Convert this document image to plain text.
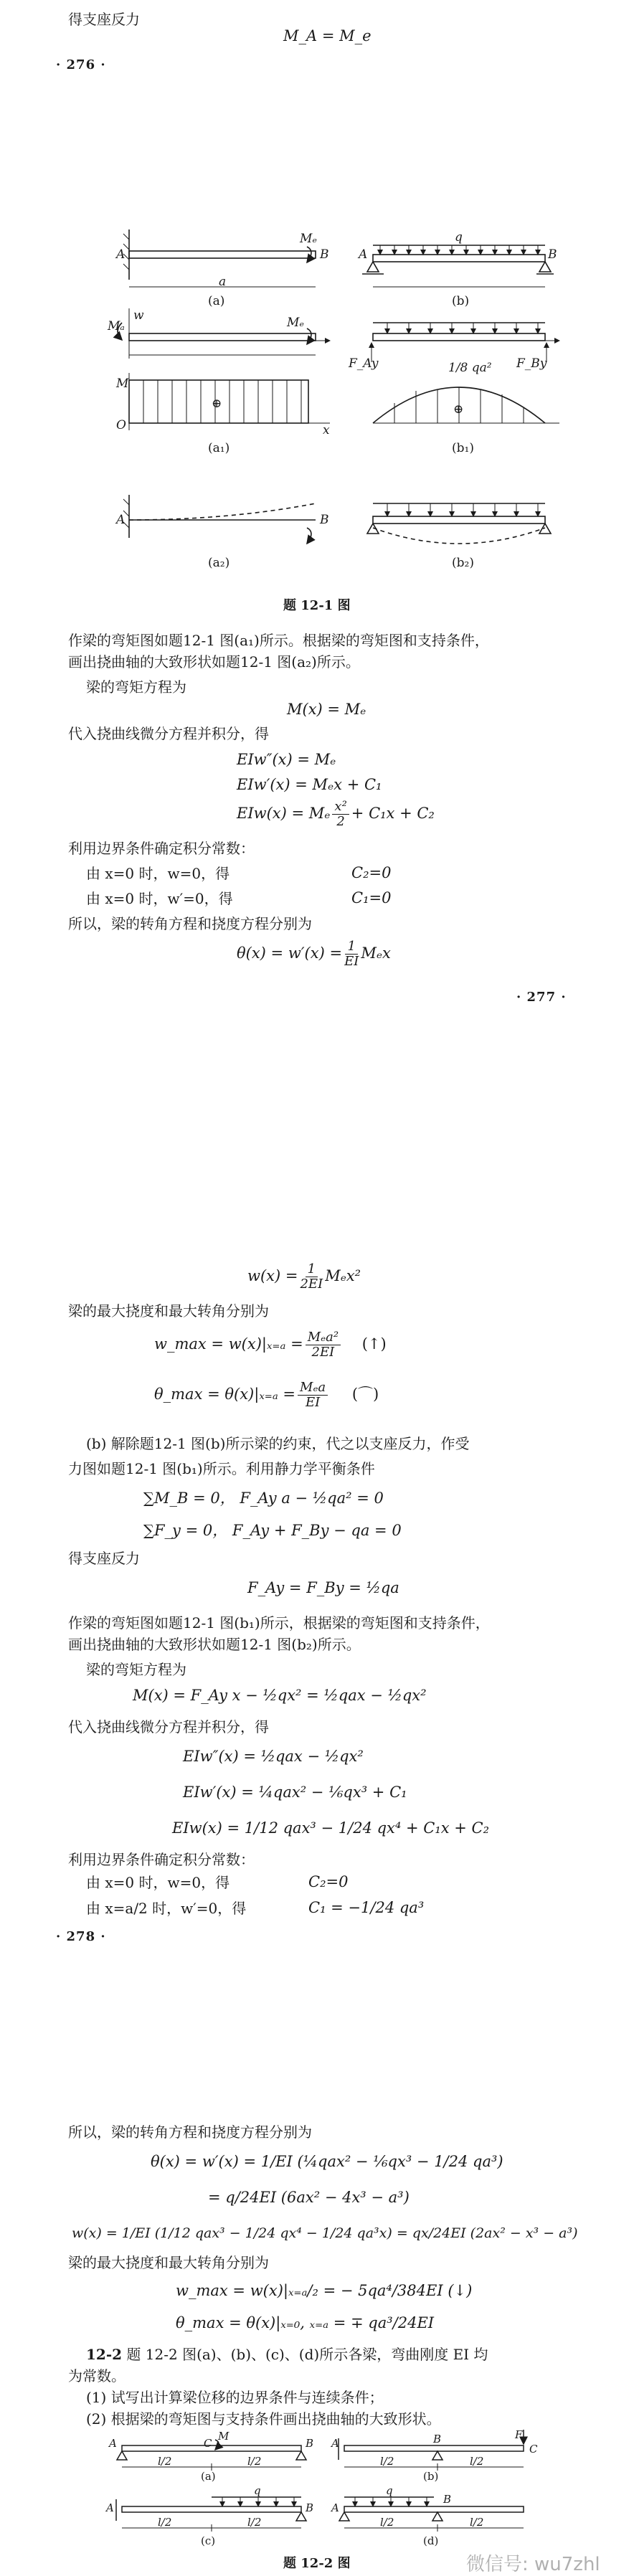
得支座反力
M_A = M_e
· 276 ·
A	B
Mₑ
a
(a)
A	B
q
(b)
Mₐ
w	Mₑ
M
O	x
⊕
(a₁)
F_Ay	F_By
1/8 qa²
⊕
(b₁)
A	B
(a₂)	(b₂)
题 12-1 图
作梁的弯矩图如题12-1 图(a₁)所示。根据梁的弯矩图和支持条件，
画出挠曲轴的大致形状如题12-1 图(a₂)所示。
梁的弯矩方程为
M(x) = Mₑ
代入挠曲线微分方程并积分，得
EIw″(x) = Mₑ
EIw′(x) = Mₑx + C₁
EIw(x) = Mₑ $\frac{\text{x²}}{2} + C_1x + C_2$
利用边界条件确定积分常数：
由 x=0 时，w=0，得	C₂=0
由 x=0 时，w′=0，得	C₁=0
所以，梁的转角方程和挠度方程分别为
$\theta(x) = w'(x) = \frac{1}{EI}$ Mₑx
· 277 ·
$w(x) = \frac{1}{2EI} M_ex^2$
梁的最大挠度和最大转角分别为
w_max = $w(x)|_{x=a} = \frac{\text{Mₑa²}}{2EI}$ (↑)
θ_max = $\theta(x)|_{x=a} = \frac{\text{Mₑa}}{EI}$ (⌒)
(b) 解除题12-1 图(b)所示梁的约束，代之以支座反力，作受
力图如题12-1 图(b₁)所示。利用静力学平衡条件
∑M_B = 0， F_Ay a − ½qa² = 0
∑F_y = 0， F_Ay + F_By − qa = 0
得支座反力
F_Ay = F_By = ½qa
作梁的弯矩图如题12-1 图(b₁)所示，根据梁的弯矩图和支持条件，
画出挠曲轴的大致形状如题12-1 图(b₂)所示。
梁的弯矩方程为
M(x) = F_Ay x − ½qx² = ½qax − ½qx²
代入挠曲线微分方程并积分，得
EIw″(x) = ½qax − ½qx²
EIw′(x) = ¼qax² − ⅙qx³ + C₁
EIw(x) = 1/12 qax³ − 1/24 qx⁴ + C₁x + C₂
利用边界条件确定积分常数：
由 x=0 时，w=0，得	C₂=0
由 x=a/2 时，w′=0，得	C₁ = −1/24 qa³
· 278 ·
所以，梁的转角方程和挠度方程分别为
θ(x) = w′(x) = 1/EI (¼qax² − ⅙qx³ − 1/24 qa³)
= q/24EI (6ax² − 4x³ − a³)
w(x) = 1/EI (1/12 qax³ − 1/24 qx⁴ − 1/24 qa³x) = qx/24EI (2ax² − x³ − a³)
梁的最大挠度和最大转角分别为
w_max = w(x)|ₓ₌ₐ/₂ = − 5qa⁴/384EI (↓)
θ_max = θ(x)|ₓ₌₀, ₓ₌ₐ = ∓ qa³/24EI
12-2 题 12-2 图(a)、(b)、(c)、(d)所示各梁，弯曲刚度 EI 均
为常数。
(1) 试写出计算梁位移的边界条件与连续条件；
(2) 根据梁的弯矩图与支持条件画出挠曲轴的大致形状。
A	C
M
B
l/2	l/2
(a)
A	B	F
C
l/2	l/2
(b)
A
q
B
l/2	l/2
(c)
A
q
B
l/2	l/2
(d)
题 12-2 图	微信号: wu7zhl
